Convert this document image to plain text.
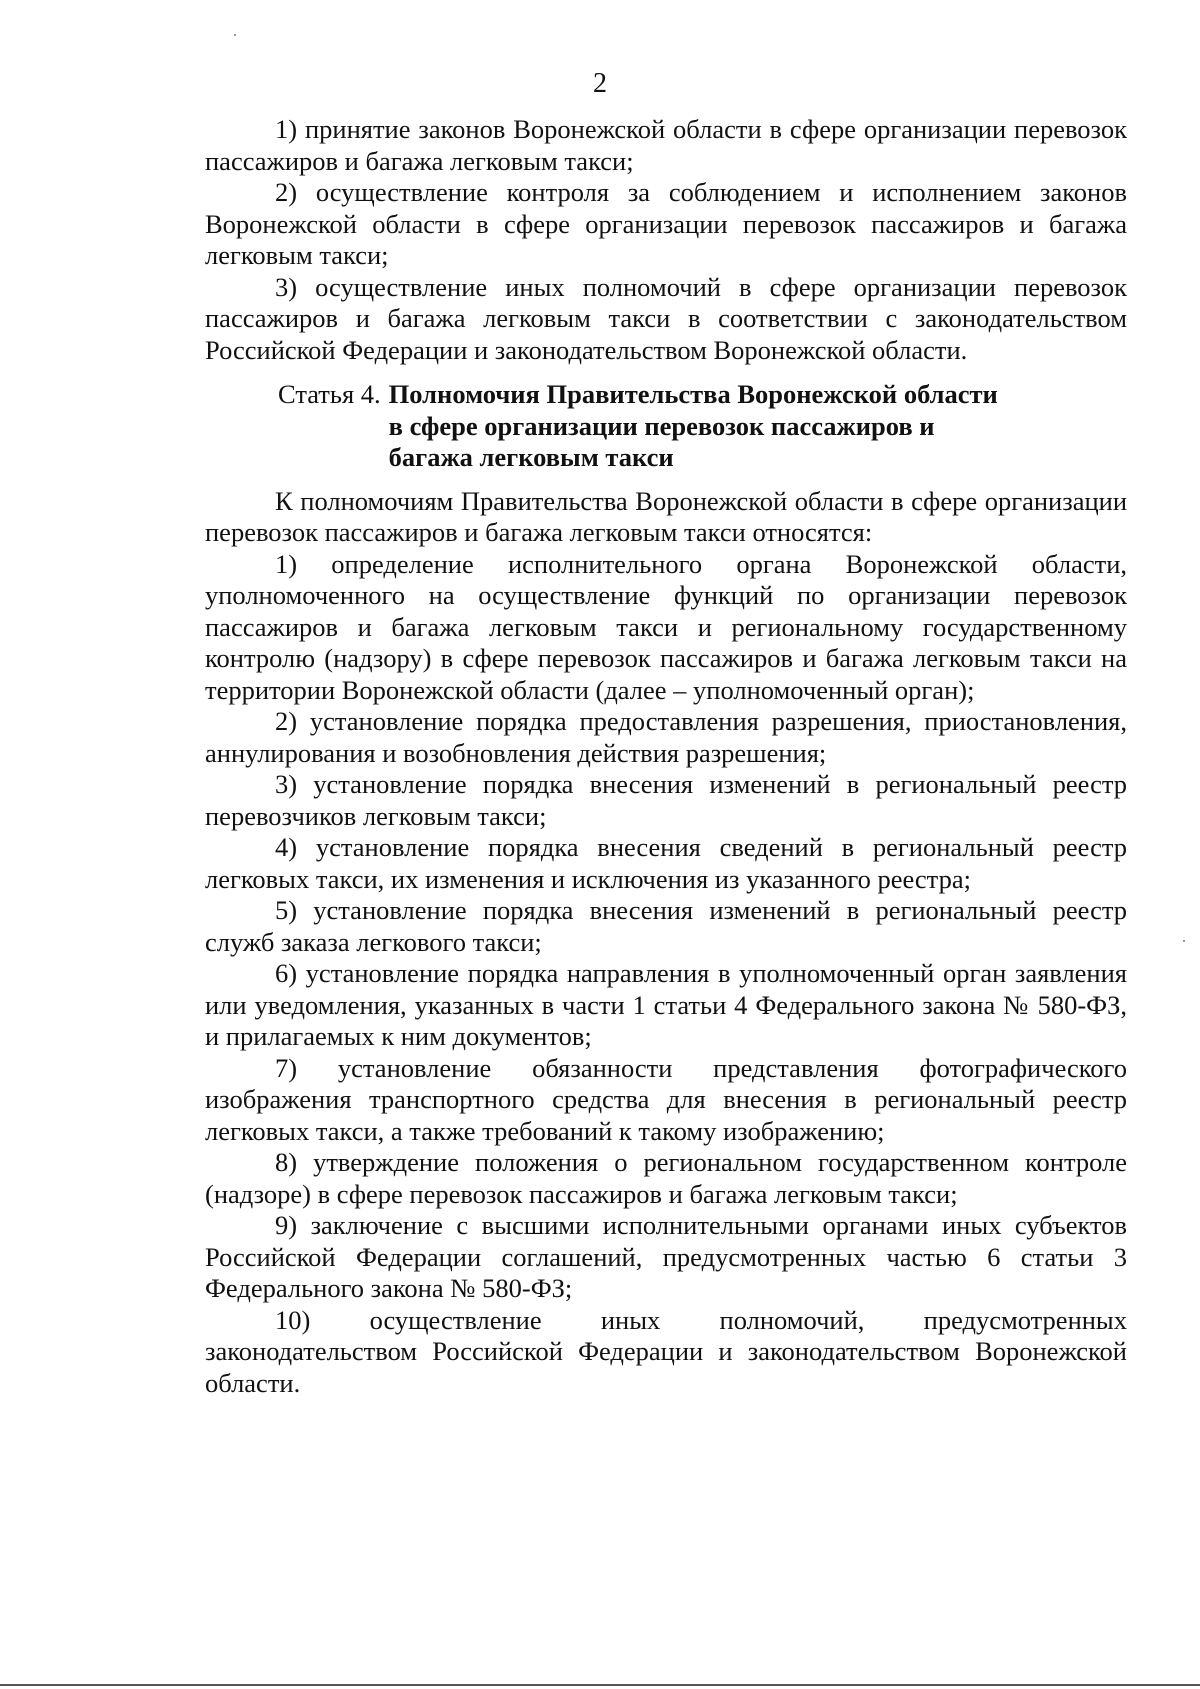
2

1) принятие законов Воронежской области в сфере организации перевозок пассажиров и багажа легковым такси;

2) осуществление контроля за соблюдением и исполнением законов Воронежской области в сфере организации перевозок пассажиров и багажа легковым такси;

3) осуществление иных полномочий в сфере организации перевозок пассажиров и багажа легковым такси в соответствии с законодательством Российской Федерации и законодательством Воронежской области.

Статья 4. Полномочия Правительства Воронежской области в сфере организации перевозок пассажиров и багажа легковым такси

К полномочиям Правительства Воронежской области в сфере организации перевозок пассажиров и багажа легковым такси относятся:

1) определение исполнительного органа Воронежской области, уполномоченного на осуществление функций по организации перевозок пассажиров и багажа легковым такси и региональному государственному контролю (надзору) в сфере перевозок пассажиров и багажа легковым такси на территории Воронежской области (далее – уполномоченный орган);

2) установление порядка предоставления разрешения, приостановления, аннулирования и возобновления действия разрешения;

3) установление порядка внесения изменений в региональный реестр перевозчиков легковым такси;

4) установление порядка внесения сведений в региональный реестр легковых такси, их изменения и исключения из указанного реестра;

5) установление порядка внесения изменений в региональный реестр служб заказа легкового такси;

6) установление порядка направления в уполномоченный орган заявления или уведомления, указанных в части 1 статьи 4 Федерального закона № 580-ФЗ, и прилагаемых к ним документов;

7) установление обязанности представления фотографического изображения транспортного средства для внесения в региональный реестр легковых такси, а также требований к такому изображению;

8) утверждение положения о региональном государственном контроле (надзоре) в сфере перевозок пассажиров и багажа легковым такси;

9) заключение с высшими исполнительными органами иных субъектов Российской Федерации соглашений, предусмотренных частью 6 статьи 3 Федерального закона № 580-ФЗ;

10) осуществление иных полномочий, предусмотренных законодательством Российской Федерации и законодательством Воронежской области.
